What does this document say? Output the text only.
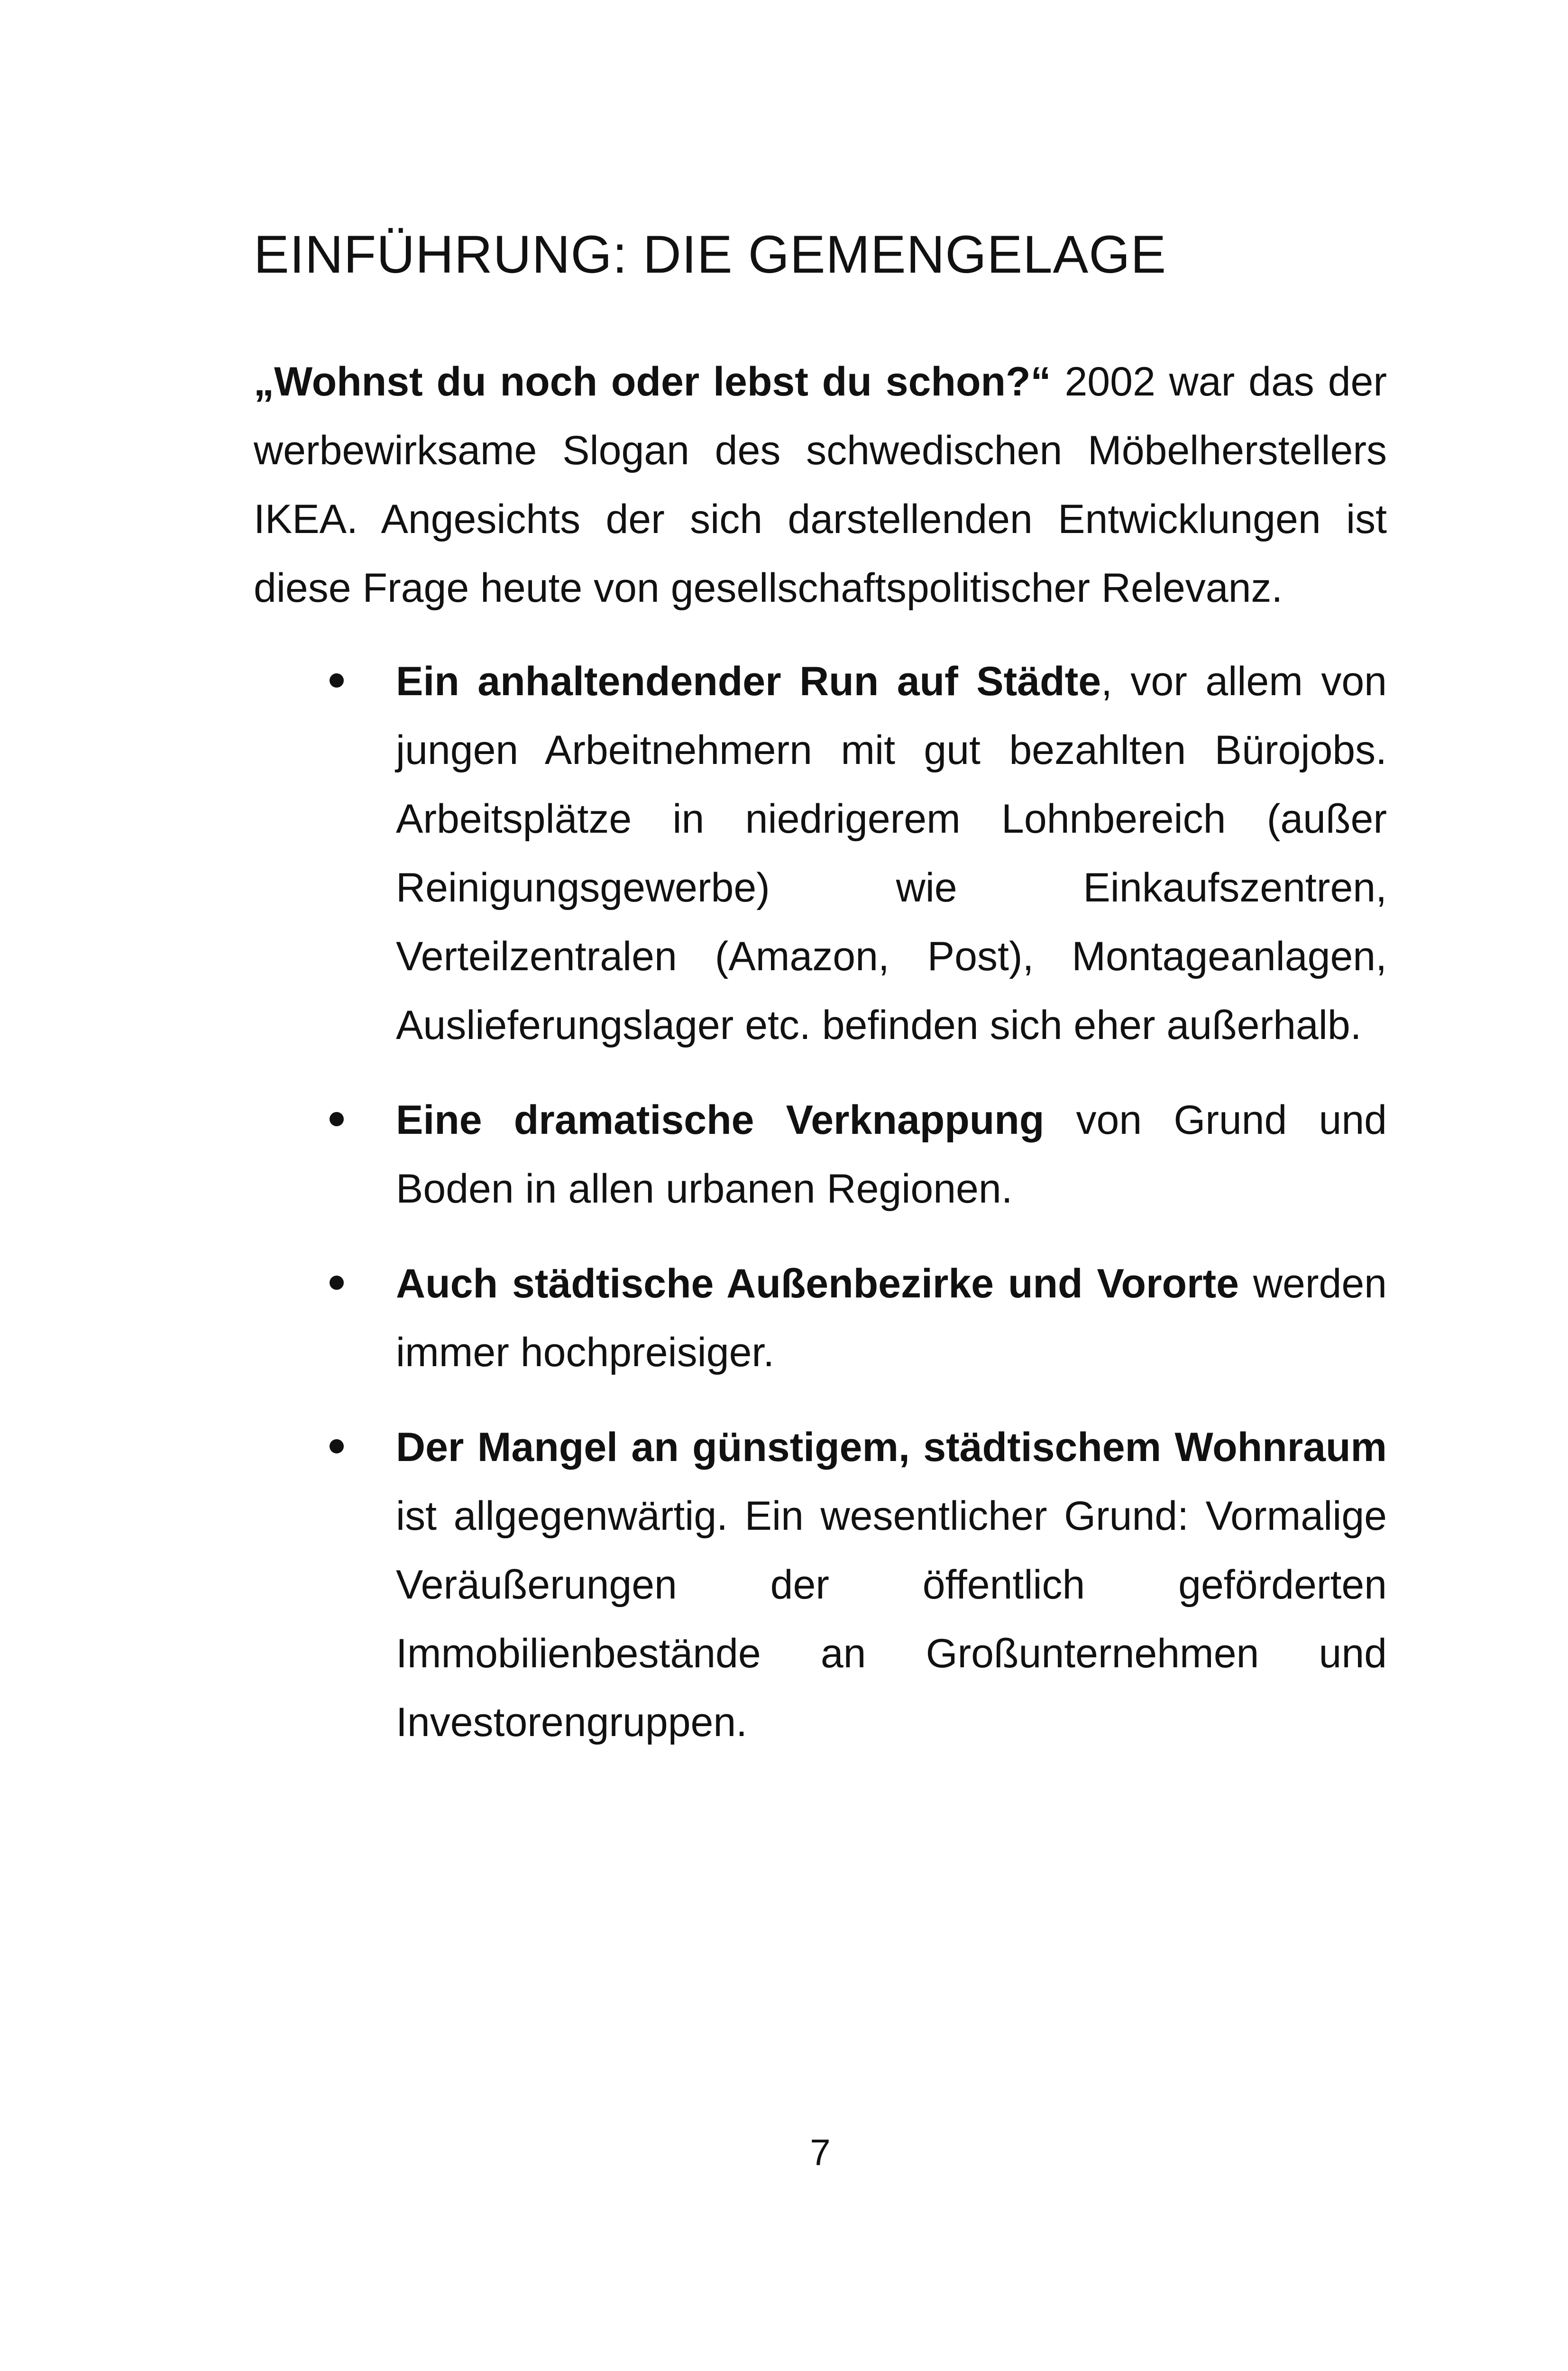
EINFÜHRUNG: DIE GEMENGELAGE

„Wohnst du noch oder lebst du schon?“ 2002 war das der werbewirksame Slogan des schwedischen Möbelherstellers IKEA. Angesichts der sich darstellenden Entwicklungen ist diese Frage heute von gesellschaftspolitischer Relevanz.

Ein anhaltendender Run auf Städte, vor allem von jungen Arbeitnehmern mit gut bezahlten Bürojobs. Arbeitsplätze in niedrigerem Lohnbereich (außer Reinigungsgewerbe) wie Einkaufszentren, Verteilzentralen (Amazon, Post), Montageanlagen, Auslieferungslager etc. befinden sich eher außerhalb.

Eine dramatische Verknappung von Grund und Boden in allen urbanen Regionen.

Auch städtische Außenbezirke und Vororte werden immer hochpreisiger.

Der Mangel an günstigem, städtischem Wohnraum ist allgegenwärtig. Ein wesentlicher Grund: Vormalige Veräußerungen der öffentlich geförderten Immobilienbestände an Großunternehmen und Investorengruppen.

7
